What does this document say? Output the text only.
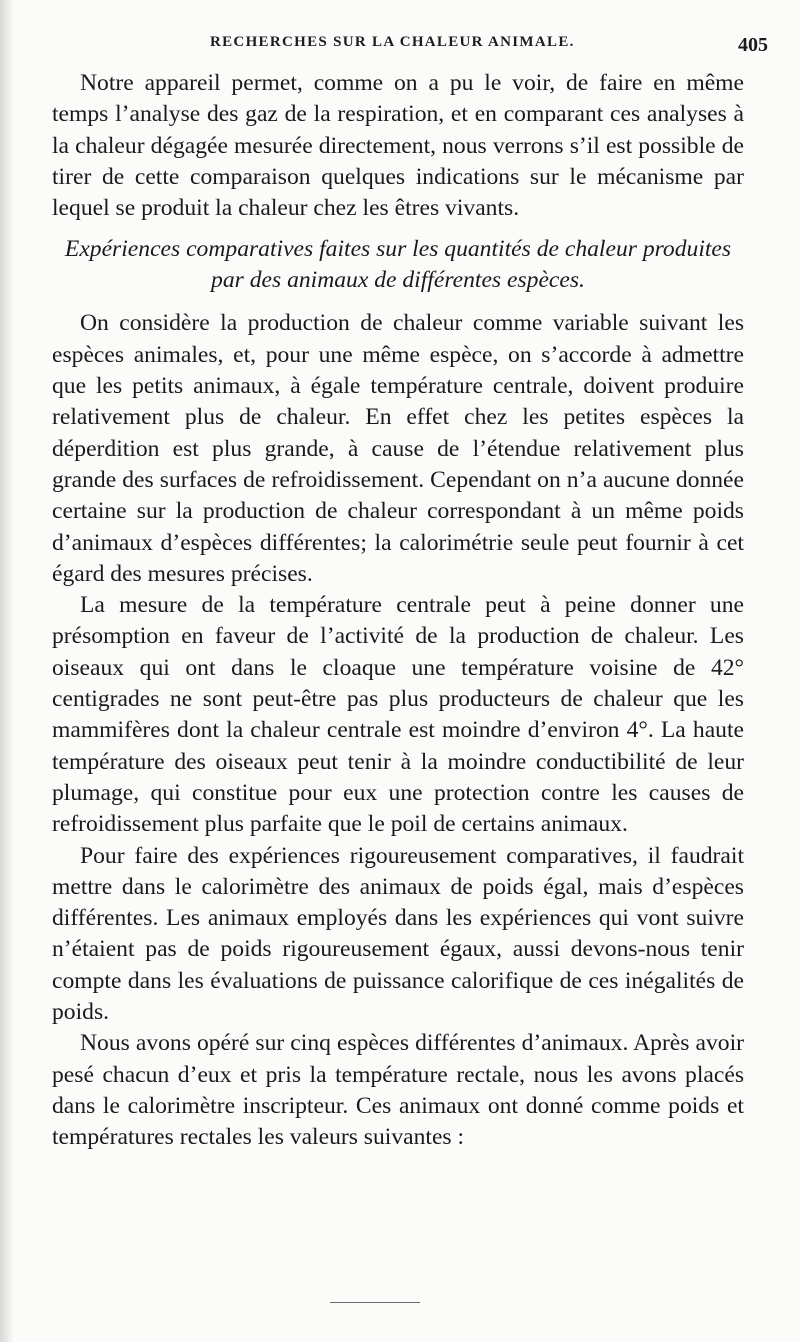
RECHERCHES SUR LA CHALEUR ANIMALE.	405

Notre appareil permet, comme on a pu le voir, de faire en même temps l’analyse des gaz de la respiration, et en comparant ces analyses à la chaleur dégagée mesurée directement, nous verrons s’il est possible de tirer de cette comparaison quelques indications sur le mécanisme par lequel se produit la chaleur chez les êtres vivants.

Expériences comparatives faites sur les quantités de chaleur produites par des animaux de différentes espèces.

On considère la production de chaleur comme variable suivant les espèces animales, et, pour une même espèce, on s’accorde à admettre que les petits animaux, à égale température centrale, doivent produire relativement plus de chaleur. En effet chez les petites espèces la déperdition est plus grande, à cause de l’étendue relativement plus grande des surfaces de refroidissement. Cependant on n’a aucune donnée certaine sur la production de chaleur correspondant à un même poids d’animaux d’espèces différentes; la calorimétrie seule peut fournir à cet égard des mesures précises.

La mesure de la température centrale peut à peine donner une présomption en faveur de l’activité de la production de chaleur. Les oiseaux qui ont dans le cloaque une température voisine de 42° centigrades ne sont peut-être pas plus producteurs de chaleur que les mammifères dont la chaleur centrale est moindre d’environ 4°. La haute température des oiseaux peut tenir à la moindre conductibilité de leur plumage, qui constitue pour eux une protection contre les causes de refroidissement plus parfaite que le poil de certains animaux.

Pour faire des expériences rigoureusement comparatives, il faudrait mettre dans le calorimètre des animaux de poids égal, mais d’espèces différentes. Les animaux employés dans les expériences qui vont suivre n’étaient pas de poids rigoureusement égaux, aussi devons-nous tenir compte dans les évaluations de puissance calorifique de ces inégalités de poids.

Nous avons opéré sur cinq espèces différentes d’animaux. Après avoir pesé chacun d’eux et pris la température rectale, nous les avons placés dans le calorimètre inscripteur. Ces animaux ont donné comme poids et températures rectales les valeurs suivantes :
